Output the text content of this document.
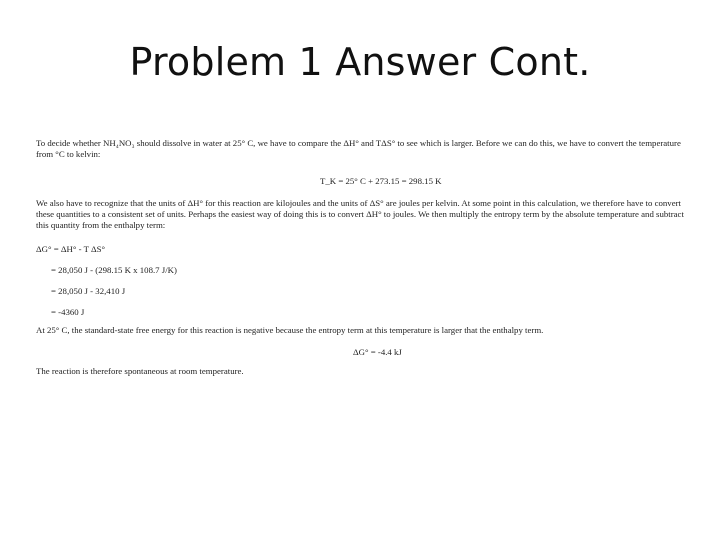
Problem 1 Answer Cont.

To decide whether NH₄NO₃ should dissolve in water at 25° C, we have to compare the ΔH° and TΔS° to see which is larger. Before we can do this, we have to convert the temperature from °C to kelvin:

T_K = 25° C + 273.15 = 298.15 K

We also have to recognize that the units of ΔH° for this reaction are kilojoules and the units of ΔS° are joules per kelvin. At some point in this calculation, we therefore have to convert these quantities to a consistent set of units. Perhaps the easiest way of doing this is to convert ΔH° to joules. We then multiply the entropy term by the absolute temperature and subtract this quantity from the enthalpy term:

ΔG° = ΔH° - T ΔS°
= 28,050 J - (298.15 K x 108.7 J/K)
= 28,050 J - 32,410 J
= -4360 J

At 25° C, the standard-state free energy for this reaction is negative because the entropy term at this temperature is larger that the enthalpy term.

ΔG° = -4.4 kJ

The reaction is therefore spontaneous at room temperature.
